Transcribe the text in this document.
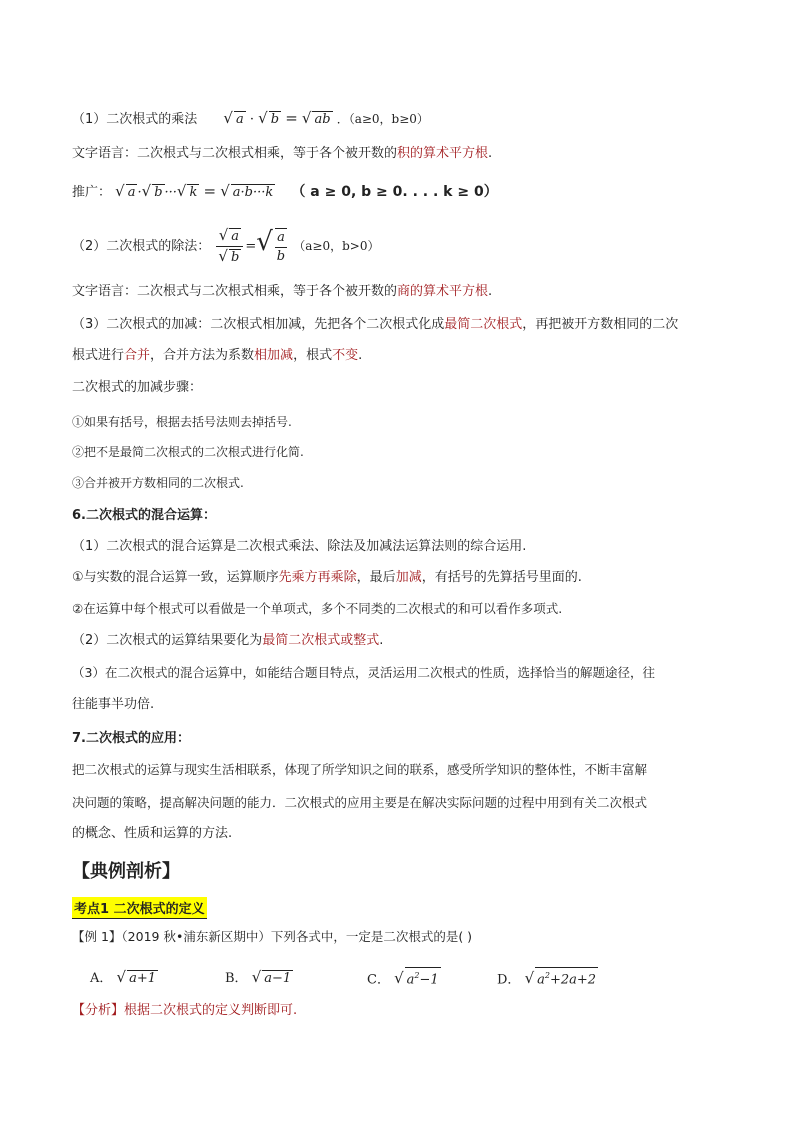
（1）二次根式的乘法 √ a · √ b = √ ab ．（a≥0，b≥0）
文字语言：二次根式与二次根式相乘，等于各个被开数的积的算术平方根.
推广： √ a ·√ b ···√ k = √ a·b···k （ a ≥ 0, b ≥ 0. . . . k ≥ 0）
（2）二次根式的除法： $\frac{√ a}{√ b}$ =√ $\frac{a}{b} (a\ge 0$，b>0）
文字语言：二次根式与二次根式相乘，等于各个被开数的商的算术平方根.
（3）二次根式的加减：二次根式相加减，先把各个二次根式化成最简二次根式，再把被开方数相同的二次
根式进行合并，合并方法为系数相加减，根式不变.
二次根式的加减步骤：
①如果有括号，根据去括号法则去掉括号.
②把不是最简二次根式的二次根式进行化简.
③合并被开方数相同的二次根式.
6.二次根式的混合运算：
（1）二次根式的混合运算是二次根式乘法、除法及加减法运算法则的综合运用.
①与实数的混合运算一致，运算顺序先乘方再乘除，最后加减，有括号的先算括号里面的.
②在运算中每个根式可以看做是一个单项式，多个不同类的二次根式的和可以看作多项式.
（2）二次根式的运算结果要化为最简二次根式或整式.
（3）在二次根式的混合运算中，如能结合题目特点，灵活运用二次根式的性质，选择恰当的解题途径，往
往能事半功倍.
7.二次根式的应用：
把二次根式的运算与现实生活相联系，体现了所学知识之间的联系，感受所学知识的整体性，不断丰富解
决问题的策略，提高解决问题的能力．二次根式的应用主要是在解决实际问题的过程中用到有关二次根式
的概念、性质和运算的方法.
【典例剖析】
考点1 二次根式的定义
【例 1】（2019 秋•浦东新区期中）下列各式中，一定是二次根式的是( )
A． √ a+1	B． √ a−1	C． √ $a^2-1$	D． √ $a^2+2a+2$
【分析】根据二次根式的定义判断即可.
